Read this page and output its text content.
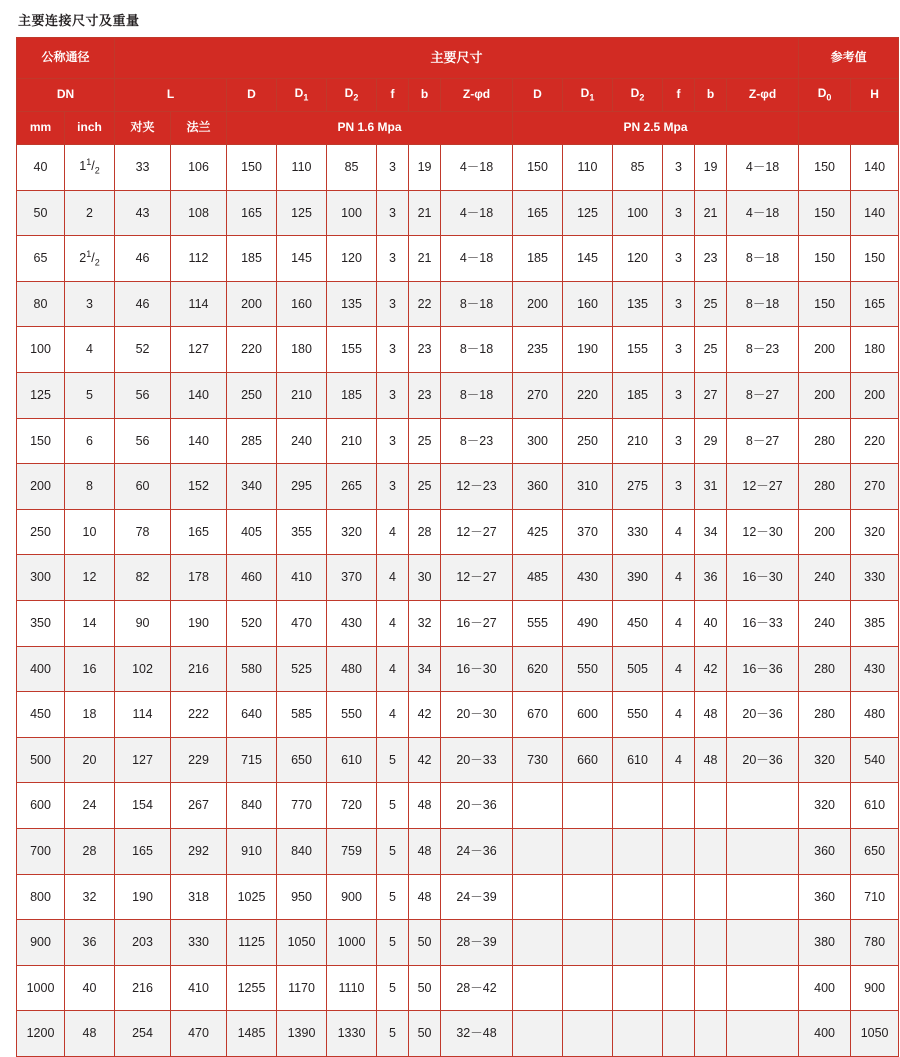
主要连接尺寸及重量
公称通径		主要尺寸														参考值	
DN		L		D	$D_1$	$D_2$	f	b	Z-φd	D	$D_1$	$D_2$	f	b	Z-φd	$D_0$	H
mm	inch	对夹	法兰	PN 1.6 Mpa						PN 2.5 Mpa							
40	$1^1/_2$	33	106	150	110	85	3	19	4－18	150	110	85	3	19	4－18	150	140
50	2	43	108	165	125	100	3	21	4－18	165	125	100	3	21	4－18	150	140
65	$2^1/_2$	46	112	185	145	120	3	21	4－18	185	145	120	3	23	8－18	150	150
80	3	46	114	200	160	135	3	22	8－18	200	160	135	3	25	8－18	150	165
100	4	52	127	220	180	155	3	23	8－18	235	190	155	3	25	8－23	200	180
125	5	56	140	250	210	185	3	23	8－18	270	220	185	3	27	8－27	200	200
150	6	56	140	285	240	210	3	25	8－23	300	250	210	3	29	8－27	280	220
200	8	60	152	340	295	265	3	25	12－23	360	310	275	3	31	12－27	280	270
250	10	78	165	405	355	320	4	28	12－27	425	370	330	4	34	12－30	200	320
300	12	82	178	460	410	370	4	30	12－27	485	430	390	4	36	16－30	240	330
350	14	90	190	520	470	430	4	32	16－27	555	490	450	4	40	16－33	240	385
400	16	102	216	580	525	480	4	34	16－30	620	550	505	4	42	16－36	280	430
450	18	114	222	640	585	550	4	42	20－30	670	600	550	4	48	20－36	280	480
500	20	127	229	715	650	610	5	42	20－33	730	660	610	4	48	20－36	320	540
600	24	154	267	840	770	720	5	48	20－36							320	610
700	28	165	292	910	840	759	5	48	24－36							360	650
800	32	190	318	1025	950	900	5	48	24－39							360	710
900	36	203	330	1125	1050	1000	5	50	28－39							380	780
1000	40	216	410	1255	1170	1110	5	50	28－42							400	900
1200	48	254	470	1485	1390	1330	5	50	32－48							400	1050
